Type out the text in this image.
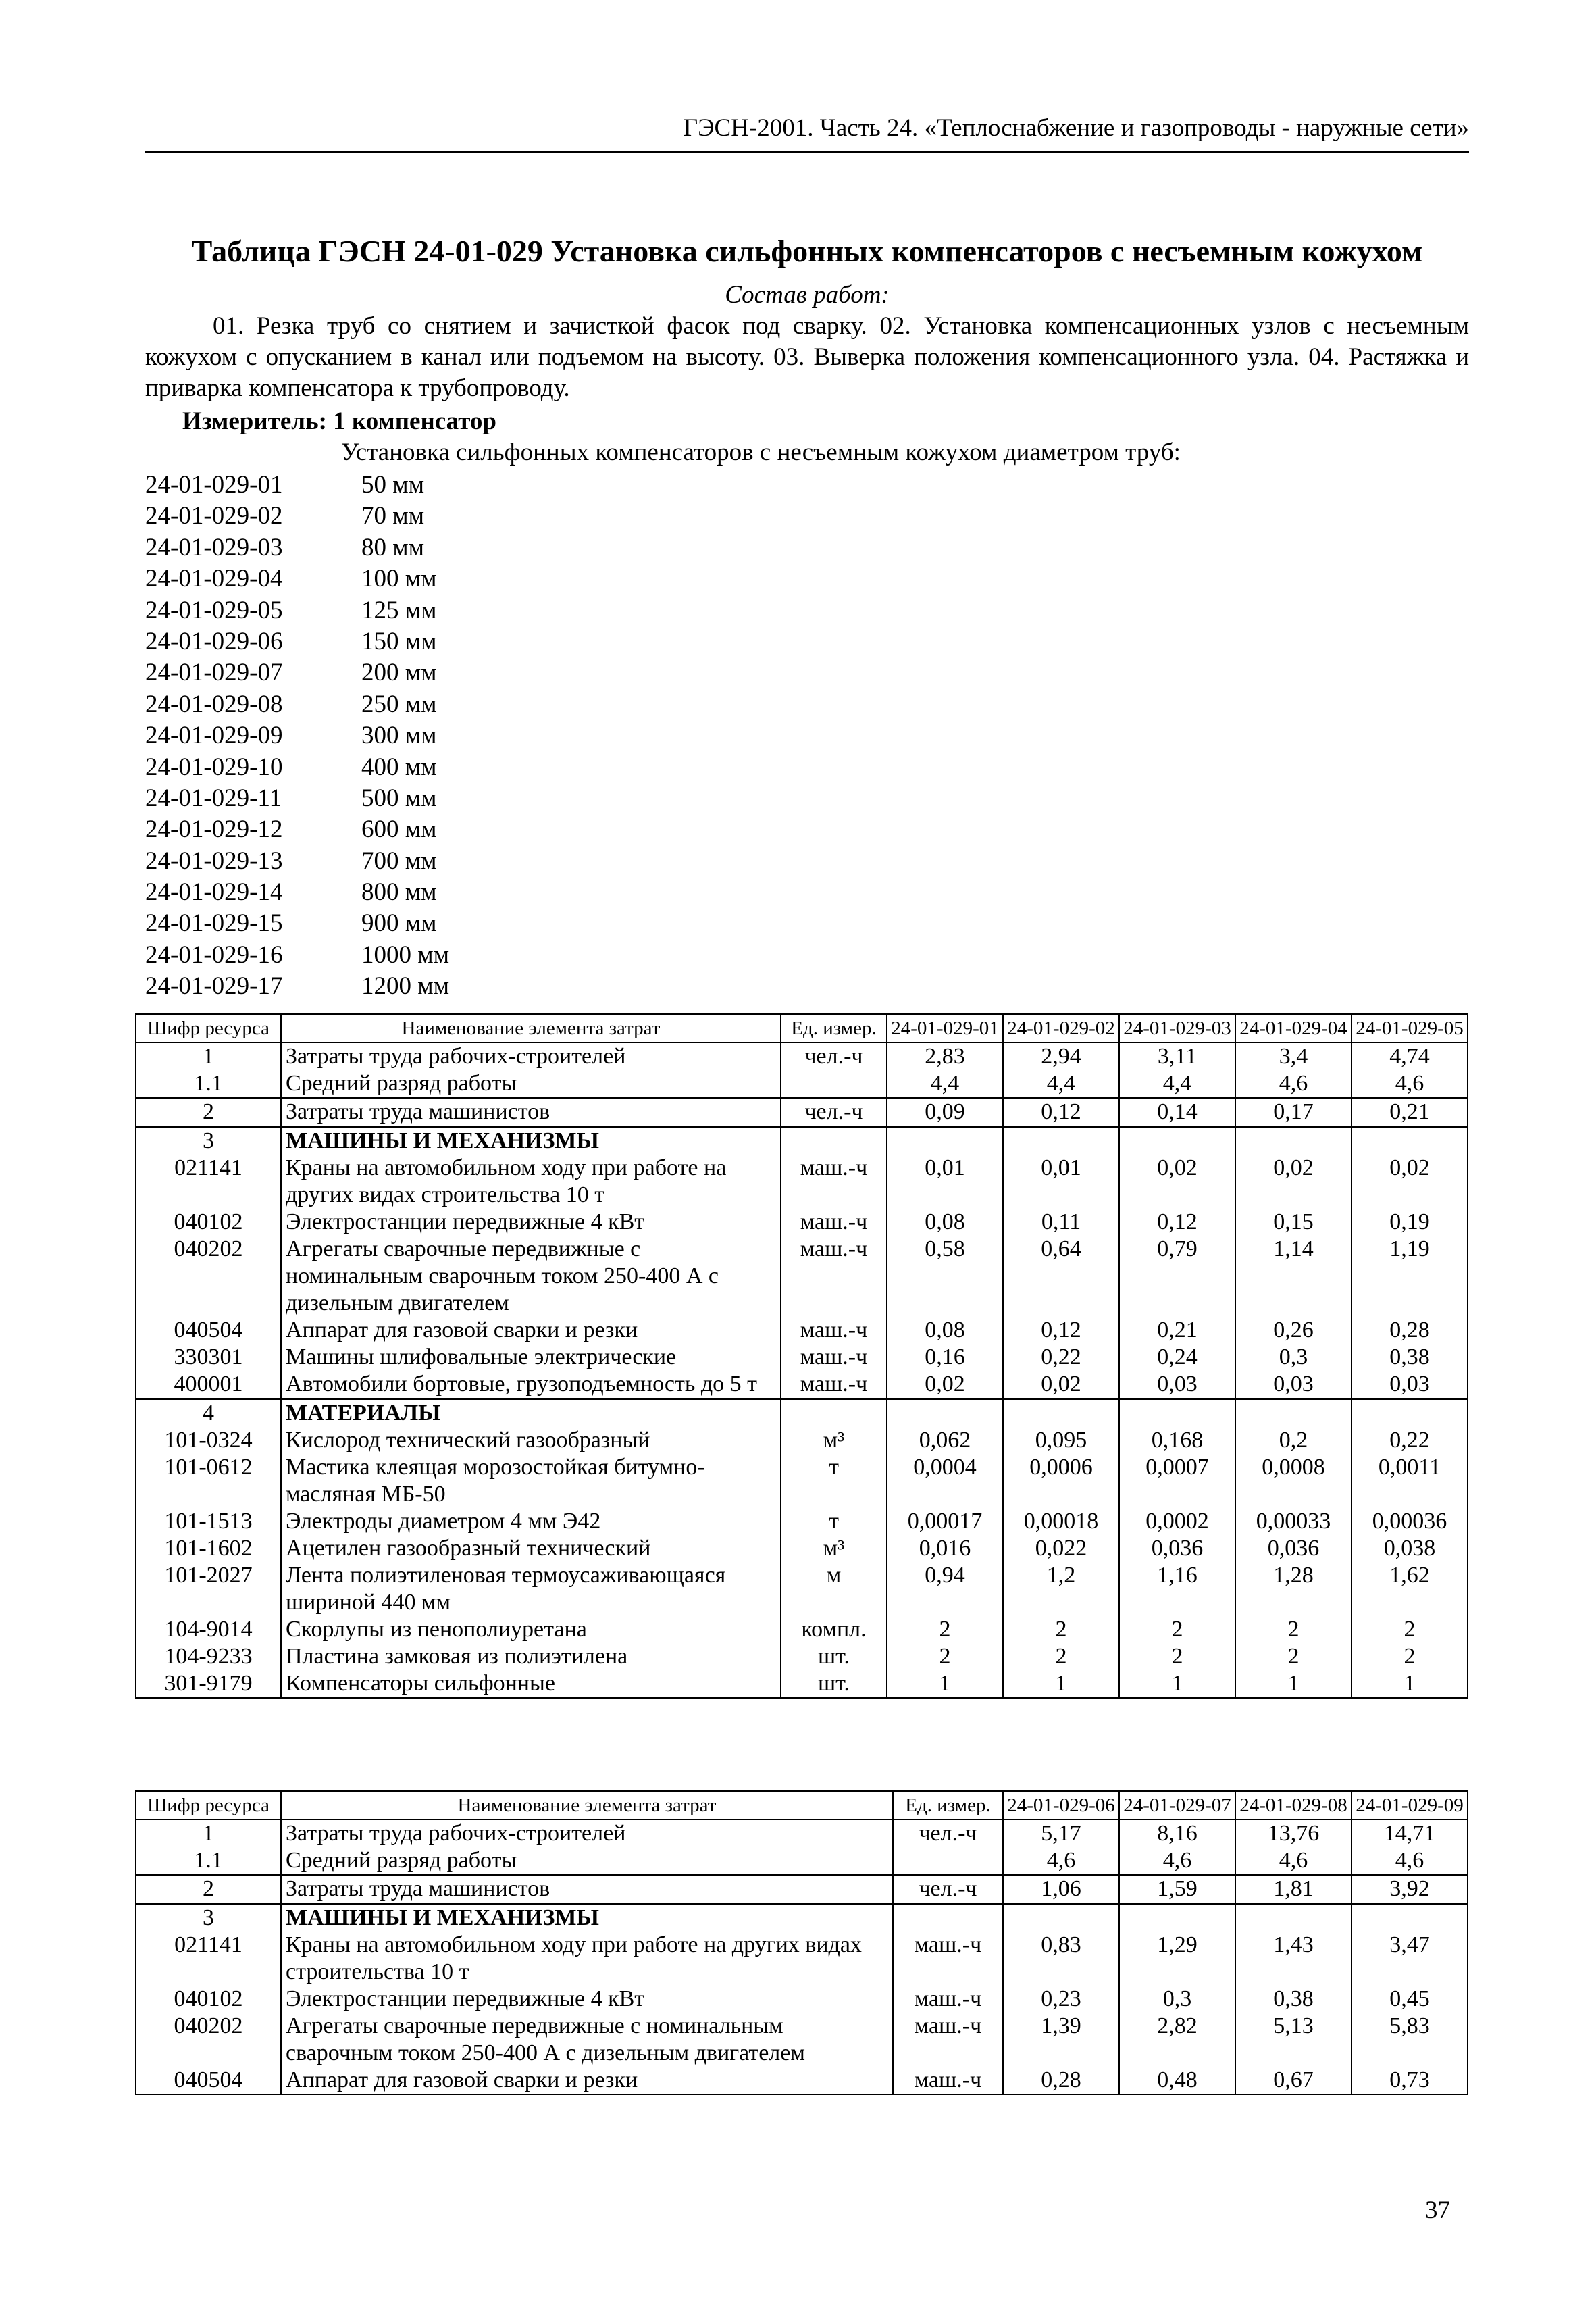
ГЭСН-2001. Часть 24. «Теплоснабжение и газопроводы - наружные сети»
Таблица ГЭСН 24-01-029 Установка сильфонных компенсаторов с несъемным кожухом
Состав работ:
01. Резка труб со снятием и зачисткой фасок под сварку. 02. Установка компенсационных узлов с несъемным кожухом с опусканием в канал или подъемом на высоту. 03. Выверка положения компенсационного узла. 04. Растяжка и приварка компенсатора к трубопроводу.
Измеритель: 1 компенсатор
Установка сильфонных компенсаторов с несъемным кожухом диаметром труб:
24-01-029-01	50 мм
24-01-029-02	70 мм
24-01-029-03	80 мм
24-01-029-04	100 мм
24-01-029-05	125 мм
24-01-029-06	150 мм
24-01-029-07	200 мм
24-01-029-08	250 мм
24-01-029-09	300 мм
24-01-029-10	400 мм
24-01-029-11	500 мм
24-01-029-12	600 мм
24-01-029-13	700 мм
24-01-029-14	800 мм
24-01-029-15	900 мм
24-01-029-16	1000 мм
24-01-029-17	1200 мм
Шифр ресурса	Наименование элемента затрат	Ед. измер.	24-01-029-01	24-01-029-02	24-01-029-03	24-01-029-04	24-01-029-05
1	Затраты труда рабочих-строителей	чел.-ч	2,83	2,94	3,11	3,4	4,74
1.1	Средний разряд работы		4,4	4,4	4,4	4,6	4,6
2	Затраты труда машинистов	чел.-ч	0,09	0,12	0,14	0,17	0,21
3	МАШИНЫ И МЕХАНИЗМЫ						
021141	Краны на автомобильном ходу при работе на других видах строительства 10 т	маш.-ч	0,01	0,01	0,02	0,02	0,02
040102	Электростанции передвижные 4 кВт	маш.-ч	0,08	0,11	0,12	0,15	0,19
040202	Агрегаты сварочные передвижные с номинальным сварочным током 250-400 А с дизельным двигателем	маш.-ч	0,58	0,64	0,79	1,14	1,19
040504	Аппарат для газовой сварки и резки	маш.-ч	0,08	0,12	0,21	0,26	0,28
330301	Машины шлифовальные электрические	маш.-ч	0,16	0,22	0,24	0,3	0,38
400001	Автомобили бортовые, грузоподъемность до 5 т	маш.-ч	0,02	0,02	0,03	0,03	0,03
4	МАТЕРИАЛЫ						
101-0324	Кислород технический газообразный	м³	0,062	0,095	0,168	0,2	0,22
101-0612	Мастика клеящая морозостойкая битумно-масляная МБ-50	т	0,0004	0,0006	0,0007	0,0008	0,0011
101-1513	Электроды диаметром 4 мм Э42	т	0,00017	0,00018	0,0002	0,00033	0,00036
101-1602	Ацетилен газообразный технический	м³	0,016	0,022	0,036	0,036	0,038
101-2027	Лента полиэтиленовая термоусаживающаяся шириной 440 мм	м	0,94	1,2	1,16	1,28	1,62
104-9014	Скорлупы из пенополиуретана	компл.	2	2	2	2	2
104-9233	Пластина замковая из полиэтилена	шт.	2	2	2	2	2
301-9179	Компенсаторы сильфонные	шт.	1	1	1	1	1
Шифр ресурса	Наименование элемента затрат	Ед. измер.	24-01-029-06	24-01-029-07	24-01-029-08	24-01-029-09
1	Затраты труда рабочих-строителей	чел.-ч	5,17	8,16	13,76	14,71
1.1	Средний разряд работы		4,6	4,6	4,6	4,6
2	Затраты труда машинистов	чел.-ч	1,06	1,59	1,81	3,92
3	МАШИНЫ И МЕХАНИЗМЫ					
021141	Краны на автомобильном ходу при работе на других видах строительства 10 т	маш.-ч	0,83	1,29	1,43	3,47
040102	Электростанции передвижные 4 кВт	маш.-ч	0,23	0,3	0,38	0,45
040202	Агрегаты сварочные передвижные с номинальным сварочным током 250-400 А с дизельным двигателем	маш.-ч	1,39	2,82	5,13	5,83
040504	Аппарат для газовой сварки и резки	маш.-ч	0,28	0,48	0,67	0,73
37
